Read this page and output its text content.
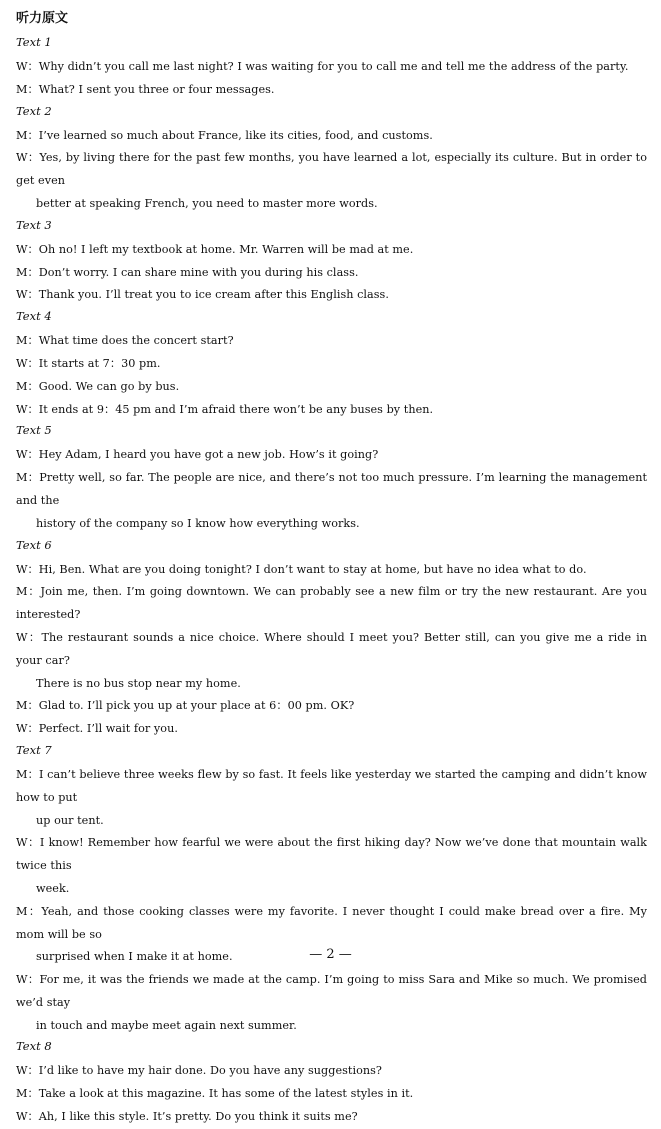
听力原文
Text 1
W：Why didn’t you call me last night? I was waiting for you to call me and tell me the address of the party.
M：What? I sent you three or four messages.
Text 2
M：I’ve learned so much about France, like its cities, food, and customs.
W：Yes, by living there for the past few months, you have learned a lot, especially its culture. But in order to get even
better at speaking French, you need to master more words.
Text 3
W：Oh no! I left my textbook at home. Mr. Warren will be mad at me.
M：Don’t worry. I can share mine with you during his class.
W：Thank you. I’ll treat you to ice cream after this English class.
Text 4
M：What time does the concert start?
W：It starts at 7：30 pm.
M：Good. We can go by bus.
W：It ends at 9：45 pm and I’m afraid there won’t be any buses by then.
Text 5
W：Hey Adam, I heard you have got a new job. How’s it going?
M：Pretty well, so far. The people are nice, and there’s not too much pressure. I’m learning the management and the
history of the company so I know how everything works.
Text 6
W：Hi, Ben. What are you doing tonight? I don’t want to stay at home, but have no idea what to do.
M：Join me, then. I’m going downtown. We can probably see a new film or try the new restaurant. Are you interested?
W：The restaurant sounds a nice choice. Where should I meet you? Better still, can you give me a ride in your car?
There is no bus stop near my home.
M：Glad to. I’ll pick you up at your place at 6：00 pm. OK?
W：Perfect. I’ll wait for you.
Text 7
M：I can’t believe three weeks flew by so fast. It feels like yesterday we started the camping and didn’t know how to put
up our tent.
W：I know! Remember how fearful we were about the first hiking day? Now we’ve done that mountain walk twice this
week.
M：Yeah, and those cooking classes were my favorite. I never thought I could make bread over a fire. My mom will be so
surprised when I make it at home.
W：For me, it was the friends we made at the camp. I’m going to miss Sara and Mike so much. We promised we’d stay
in touch and maybe meet again next summer.
Text 8
W：I’d like to have my hair done. Do you have any suggestions?
M：Take a look at this magazine. It has some of the latest styles in it.
W：Ah, I like this style. It’s pretty. Do you think it suits me?
— 2 —
